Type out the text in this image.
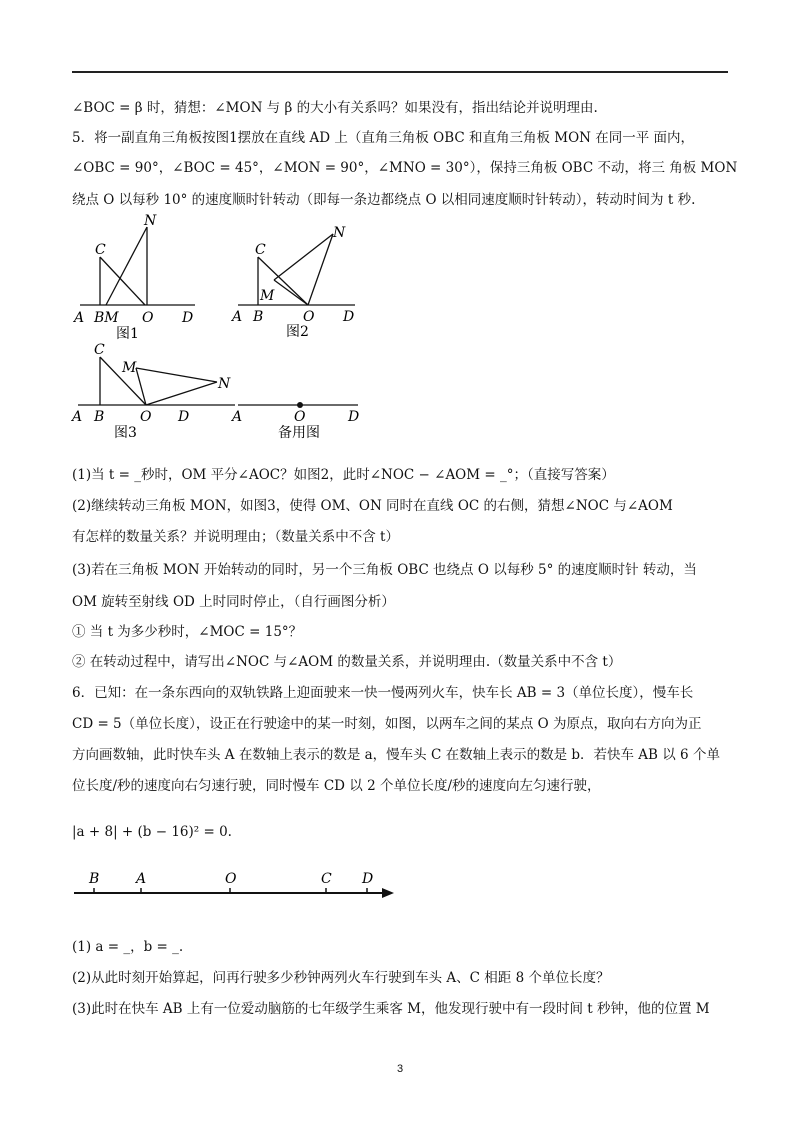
∠BOC = β 时，猜想：∠MON 与 β 的大小有关系吗？如果没有，指出结论并说明理由.
5．将一副直角三角板按图1摆放在直线 AD 上（直角三角板 OBC 和直角三角板 MON 在同一平 面内，
∠OBC = 90°，∠BOC = 45°，∠MON = 90°，∠MNO = 30°），保持三角板 OBC 不动，将三 角板 MON
绕点 O 以每秒 10° 的速度顺时针转动（即每一条边都绕点 O 以相同速度顺时针转动），转动时间为 t 秒.
C
N
A BM O D
图1
C
N
M
A B	O D
图2
C
M
N
A B	O D
图3
A	O	D
备用图
(1)当 t = _秒时，OM 平分∠AOC？如图2，此时∠NOC − ∠AOM = _°；（直接写答案）
(2)继续转动三角板 MON，如图3，使得 OM、ON 同时在直线 OC 的右侧，猜想∠NOC 与∠AOM
有怎样的数量关系？并说明理由；（数量关系中不含 t）
(3)若在三角板 MON 开始转动的同时，另一个三角板 OBC 也绕点 O 以每秒 5° 的速度顺时针 转动，当
OM 旋转至射线 OD 上时同时停止，（自行画图分析）
① 当 t 为多少秒时，∠MOC = 15°？
② 在转动过程中，请写出∠NOC 与∠AOM 的数量关系，并说明理由.（数量关系中不含 t）
6．已知：在一条东西向的双轨铁路上迎面驶来一快一慢两列火车，快车长 AB = 3（单位长度），慢车长
CD = 5（单位长度），设正在行驶途中的某一时刻，如图，以两车之间的某点 O 为原点，取向右方向为正
方向画数轴，此时快车头 A 在数轴上表示的数是 a，慢车头 C 在数轴上表示的数是 b．若快车 AB 以 6 个单
位长度/秒的速度向右匀速行驶，同时慢车 CD 以 2 个单位长度/秒的速度向左匀速行驶，
|a + 8| + (b − 16)² = 0.
B	A	O	C D
(1) a = _，b = _.
(2)从此时刻开始算起，问再行驶多少秒钟两列火车行驶到车头 A、C 相距 8 个单位长度？
(3)此时在快车 AB 上有一位爱动脑筋的七年级学生乘客 M，他发现行驶中有一段时间 t 秒钟，他的位置 M
3
